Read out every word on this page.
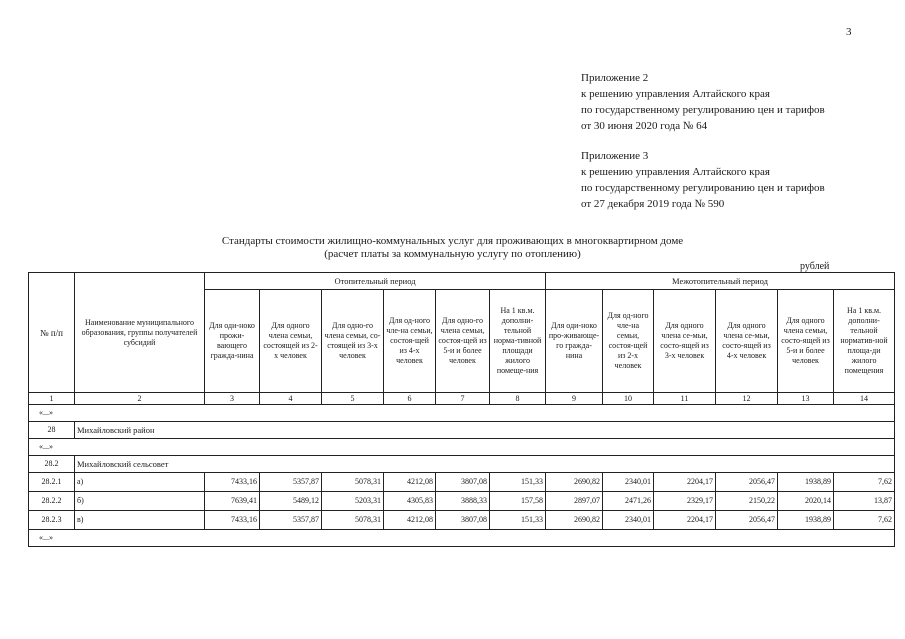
3
Приложение 2
к решению управления Алтайского края
по государственному регулированию цен и тарифов
от 30 июня 2020 года № 64
Приложение 3
к решению управления Алтайского края
по государственному регулированию цен и тарифов
от 27 декабря 2019 года № 590
Стандарты стоимости жилищно-коммунальных услуг для проживающих в многоквартирном доме
(расчет платы за коммунальную услугу по отоплению)
рублей
№ п/п	Наименование муниципального образования, группы получателей субсидий	Отопительный период						Межотопительный период					
		Для оди-ноко прожи-вающего гражда-нина	Для одного члена семьи, состоящей из 2-х человек	Для одно-го члена семьи, со-стоящей из 3-х человек	Для од-ного чле-на семьи, состоя-щей из 4-х человек	Для одно-го члена семьи, состоя-щей из 5-и и более человек	На 1 кв.м. дополни-тельной норма-тивной площади жилого помеще-ния	Для оди-ноко про-живающе-го гражда-нина	Для од-ного чле-на семьи, состоя-щей из 2-х человек	Для одного члена се-мьи, состо-ящей из 3-х человек	Для одного члена се-мьи, состо-ящей из 4-х человек	Для одного члена семьи, состо-ящей из 5-и и более человек	На 1 кв.м. дополни-тельной норматив-ной площа-ди жилого помещения
1	2	3	4	5	6	7	8	9	10	11	12	13	14
«...»													
28	Михайловский район												
«...»													
28.2	Михайловский сельсовет												
28.2.1	а)	7433,16	5357,87	5078,31	4212,08	3807,08	151,33	2690,82	2340,01	2204,17	2056,47	1938,89	7,62
28.2.2	б)	7639,41	5489,12	5203,31	4305,83	3888,33	157,58	2897,07	2471,26	2329,17	2150,22	2020,14	13,87
28.2.3	в)	7433,16	5357,87	5078,31	4212,08	3807,08	151,33	2690,82	2340,01	2204,17	2056,47	1938,89	7,62
«...»													
